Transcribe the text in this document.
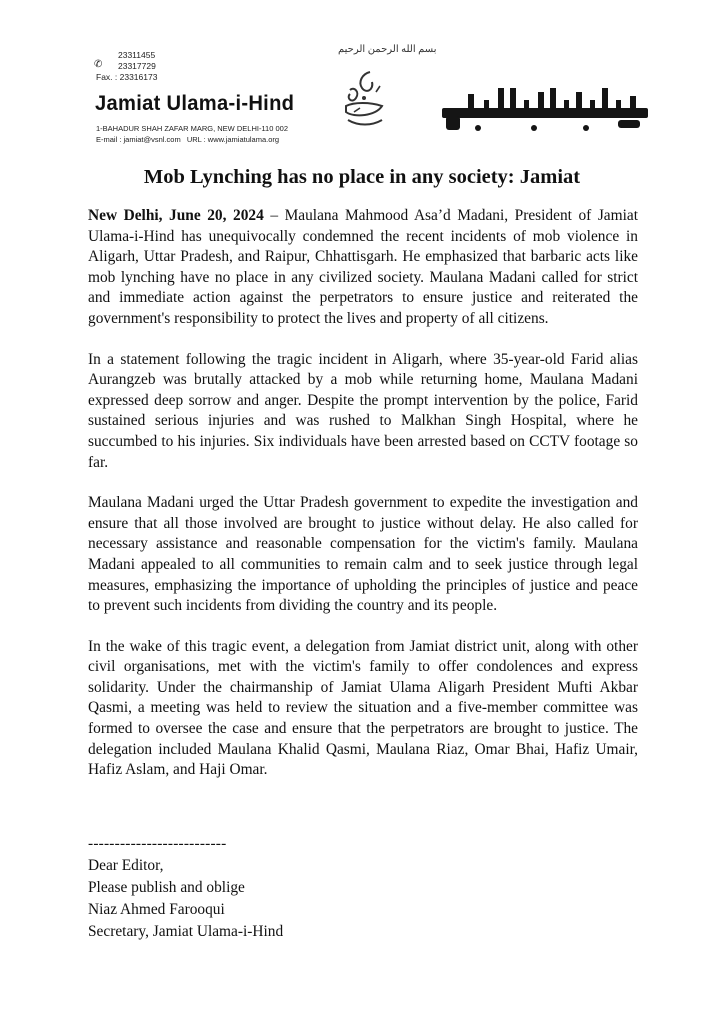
✆
23311455
23317729
Fax. : 23316173
Jamiat Ulama-i-Hind
1-BAHADUR SHAH ZAFAR MARG, NEW DELHI-110 002
E-mail : jamiat@vsnl.com URL : www.jamiatulama.org
بسم الله الرحمن الرحيم
Mob Lynching has no place in any society: Jamiat

New Delhi, June 20, 2024 – Maulana Mahmood Asa’d Madani, President of Jamiat Ulama-i-Hind has unequivocally condemned the recent incidents of mob violence in Aligarh, Uttar Pradesh, and Raipur, Chhattisgarh. He emphasized that barbaric acts like mob lynching have no place in any civilized society. Maulana Madani called for strict and immediate action against the perpetrators to ensure justice and reiterated the government's responsibility to protect the lives and property of all citizens.

In a statement following the tragic incident in Aligarh, where 35-year-old Farid alias Aurangzeb was brutally attacked by a mob while returning home, Maulana Madani expressed deep sorrow and anger. Despite the prompt intervention by the police, Farid sustained serious injuries and was rushed to Malkhan Singh Hospital, where he succumbed to his injuries. Six individuals have been arrested based on CCTV footage so far.

Maulana Madani urged the Uttar Pradesh government to expedite the investigation and ensure that all those involved are brought to justice without delay. He also called for necessary assistance and reasonable compensation for the victim's family. Maulana Madani appealed to all communities to remain calm and to seek justice through legal measures, emphasizing the importance of upholding the principles of justice and peace to prevent such incidents from dividing the country and its people.

In the wake of this tragic event, a delegation from Jamiat district unit, along with other civil organisations, met with the victim's family to offer condolences and express solidarity. Under the chairmanship of Jamiat Ulama Aligarh President Mufti Akbar Qasmi, a meeting was held to review the situation and a five-member committee was formed to oversee the case and ensure that the perpetrators are brought to justice. The delegation included Maulana Khalid Qasmi, Maulana Riaz, Omar Bhai, Hafiz Umair, Hafiz Aslam, and Haji Omar.

--------------------------
Dear Editor,
Please publish and oblige
Niaz Ahmed Farooqui
Secretary, Jamiat Ulama-i-Hind
